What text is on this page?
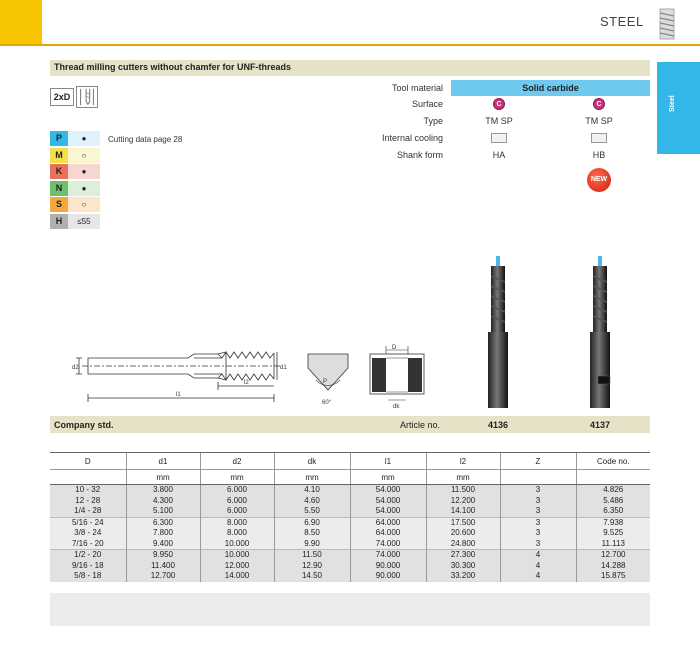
STEEL
Steel
Thread milling cutters without chamfer for UNF-threads
2xD
Tool material	Solid carbide
Surface	C	C
Type	TM SP	TM SP
Internal cooling
Shank form	HA	HB
NEW
P	●
M	○
K	●
N	●
S	○
H	≤55
Cutting data page 28
d2	d1
l1
l2	P
60°
D
dk
Company std.	Article no.	4136	4137
D	d1	d2	dk	l1	l2	Z	Code no.
	mm	mm	mm	mm	mm		
10 - 32	3.800	6.000	4.10	54.000	11.500	3	4.826
12 - 28	4.300	6.000	4.60	54.000	12.200	3	5.486
1/4 - 28	5.100	6.000	5.50	54.000	14.100	3	6.350
5/16 - 24	6.300	8.000	6.90	64.000	17.500	3	7.938
3/8 - 24	7.800	8.000	8.50	64.000	20.600	3	9.525
7/16 - 20	9.400	10.000	9.90	74.000	24.800	3	11.113
1/2 - 20	9.950	10.000	11.50	74.000	27.300	4	12.700
9/16 - 18	11.400	12.000	12.90	90.000	30.300	4	14.288
5/8 - 18	12.700	14.000	14.50	90.000	33.200	4	15.875
